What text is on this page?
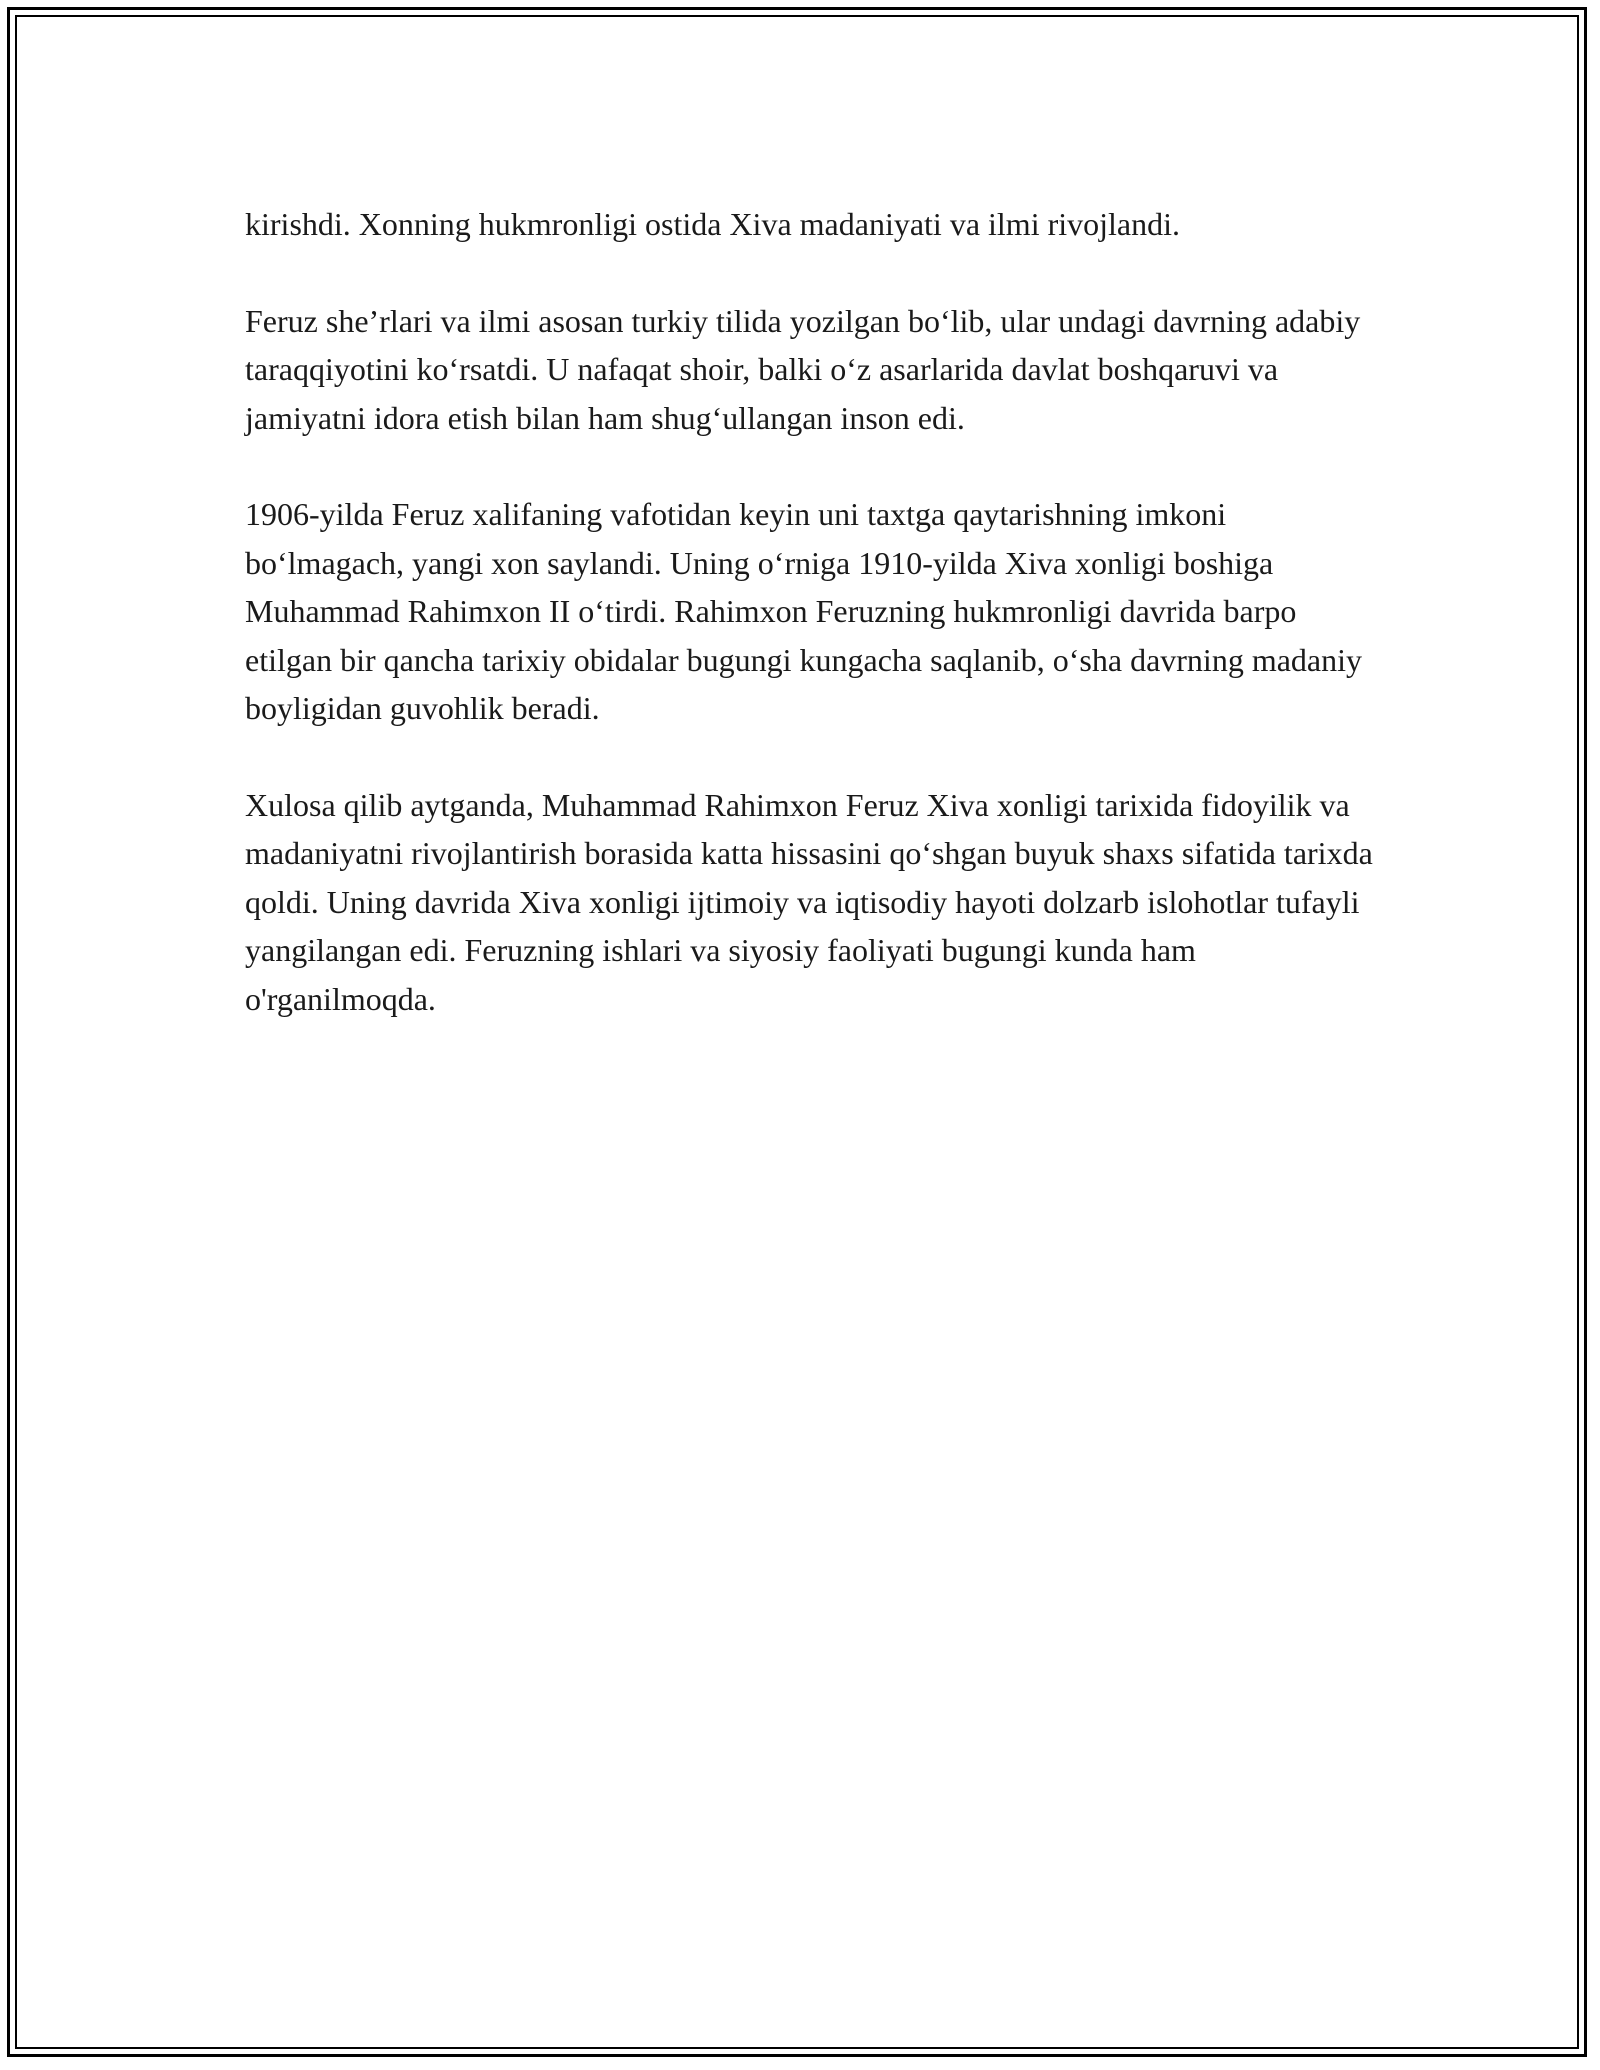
kirishdi. Xonning hukmronligi ostida Xiva madaniyati va ilmi rivojlandi.

Feruz she’rlari va ilmi asosan turkiy tilida yozilgan bo‘lib, ular undagi davrning adabiy taraqqiyotini ko‘rsatdi. U nafaqat shoir, balki o‘z asarlarida davlat boshqaruvi va jamiyatni idora etish bilan ham shug‘ullangan inson edi.

1906-yilda Feruz xalifaning vafotidan keyin uni taxtga qaytarishning imkoni bo‘lmagach, yangi xon saylandi. Uning o‘rniga 1910-yilda Xiva xonligi boshiga Muhammad Rahimxon II o‘tirdi. Rahimxon Feruzning hukmronligi davrida barpo etilgan bir qancha tarixiy obidalar bugungi kungacha saqlanib, o‘sha davrning madaniy boyligidan guvohlik beradi.

Xulosa qilib aytganda, Muhammad Rahimxon Feruz Xiva xonligi tarixida fidoyilik va madaniyatni rivojlantirish borasida katta hissasini qo‘shgan buyuk shaxs sifatida tarixda qoldi. Uning davrida Xiva xonligi ijtimoiy va iqtisodiy hayoti dolzarb islohotlar tufayli yangilangan edi. Feruzning ishlari va siyosiy faoliyati bugungi kunda ham o'rganilmoqda.
